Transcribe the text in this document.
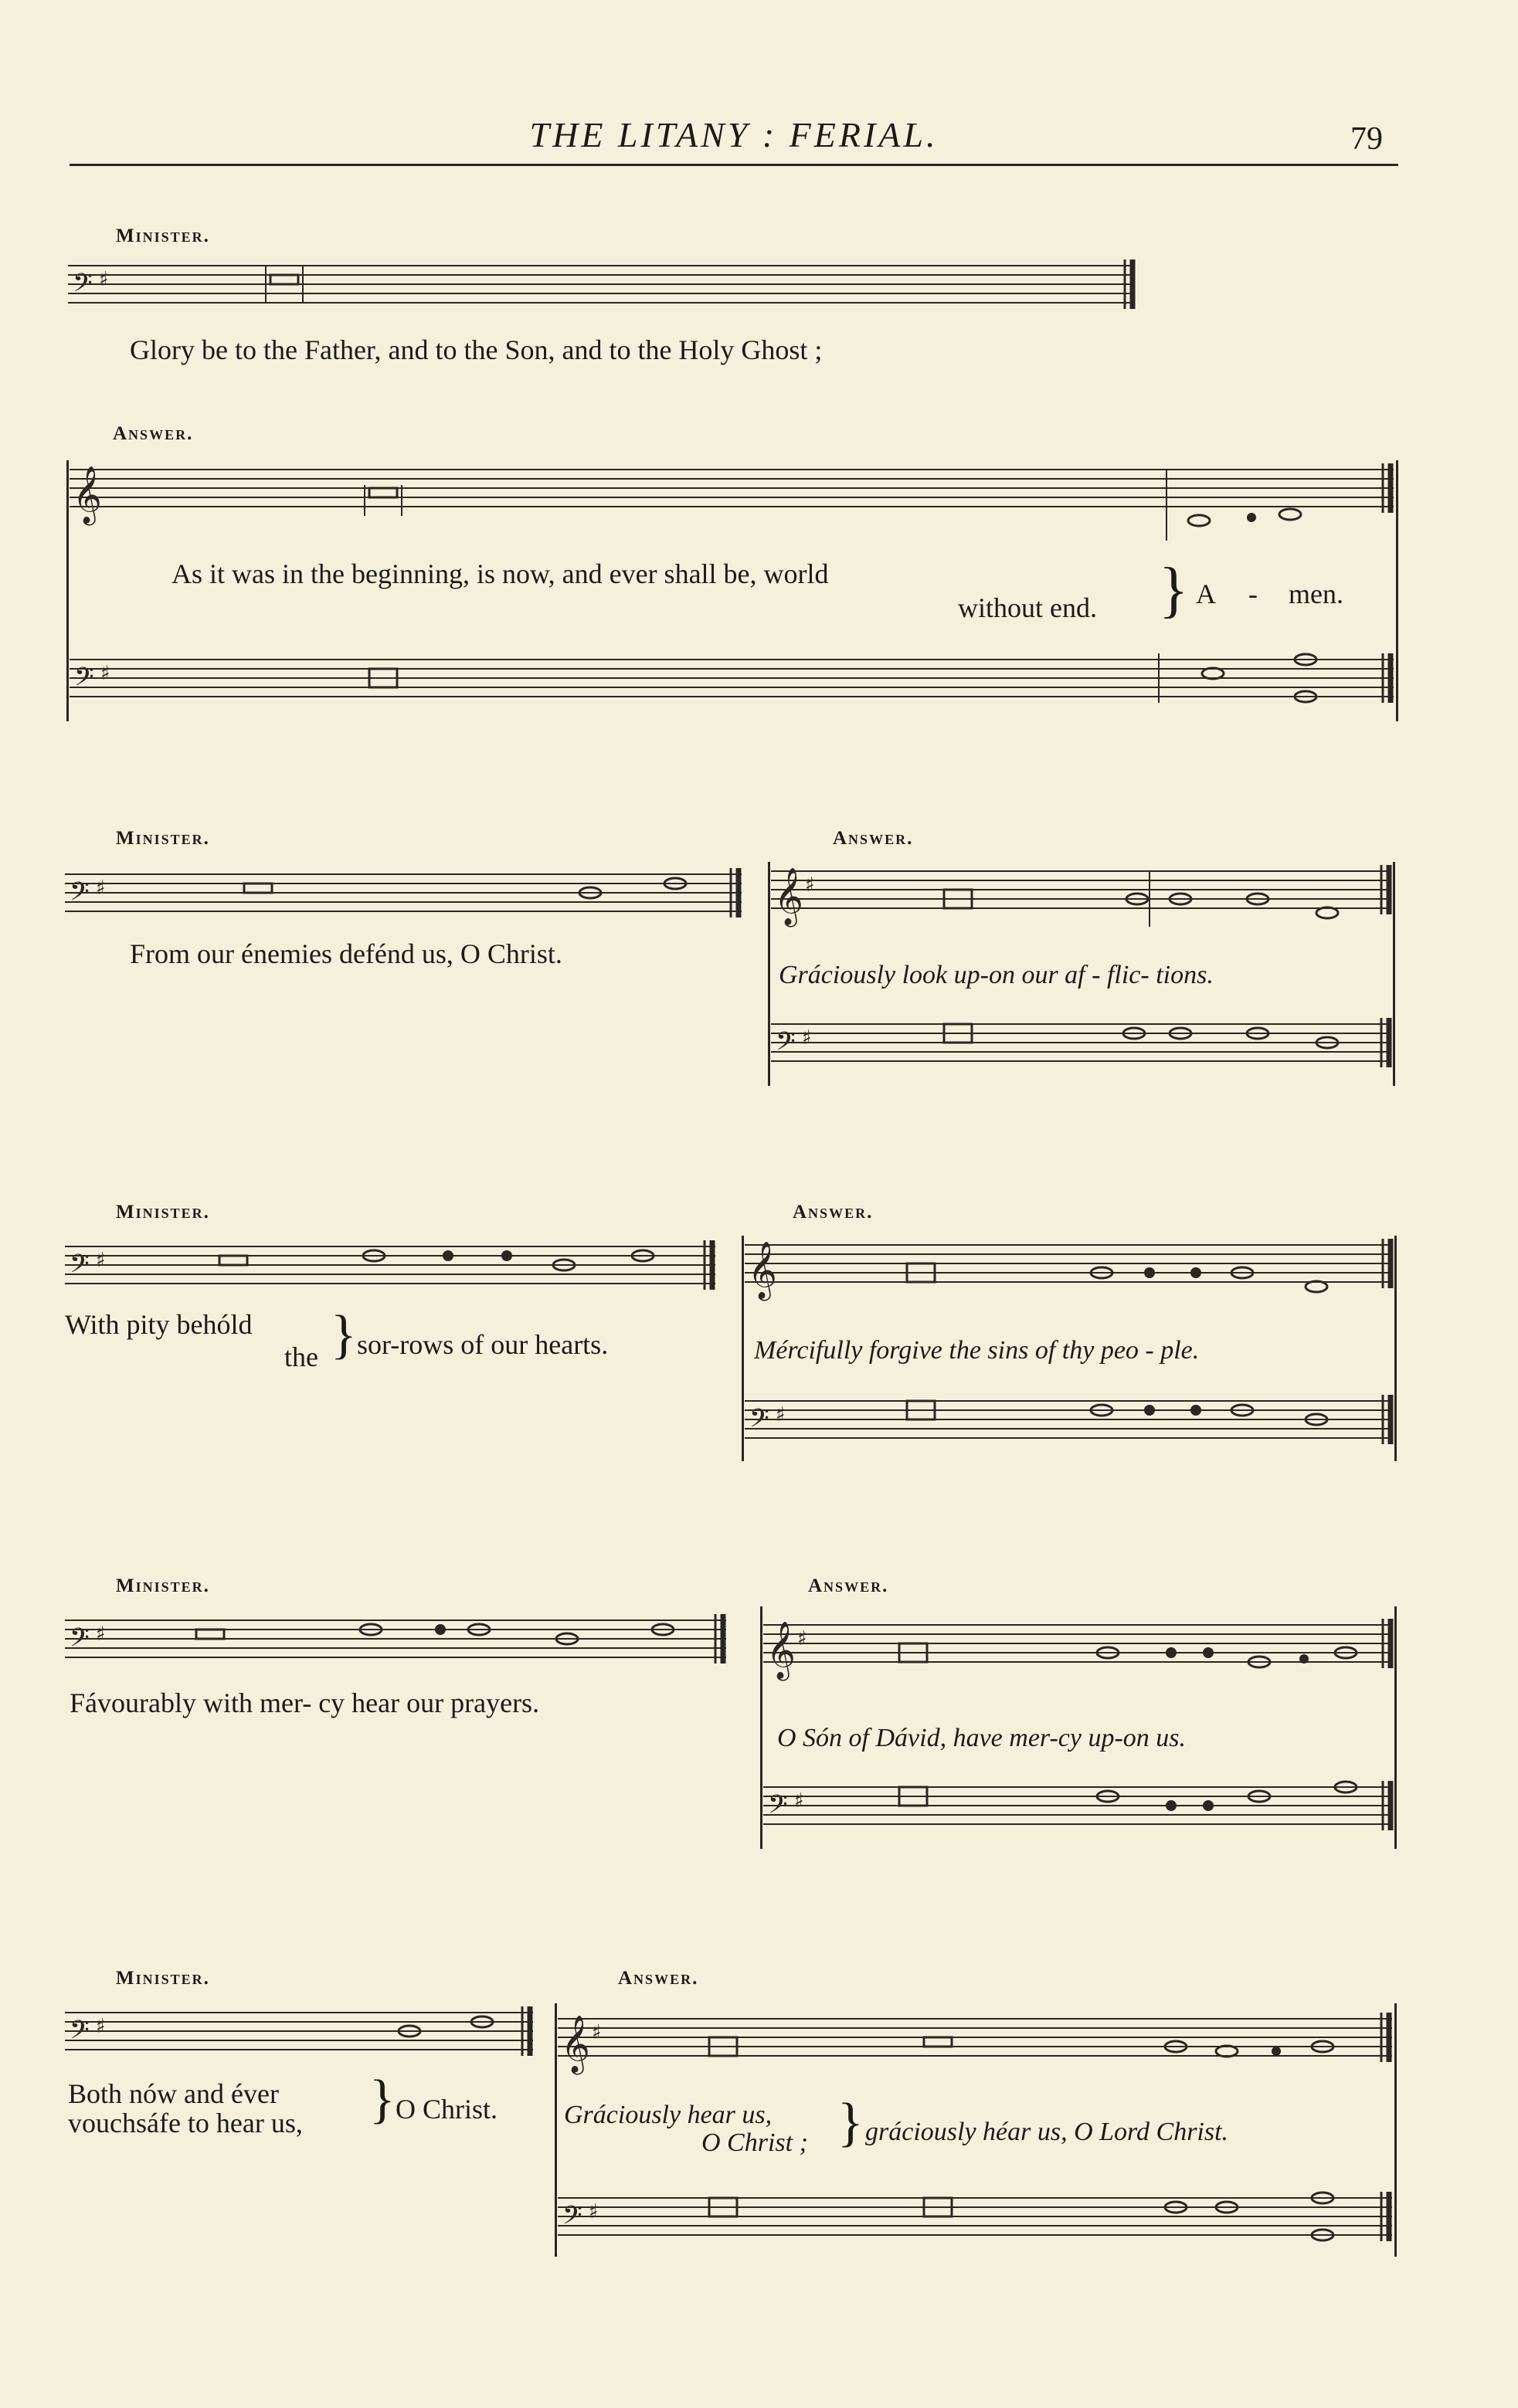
THE LITANY : FERIAL.	79
Minister.
𝄢 ♯
Glory be to the Father, and to the Son, and to the Holy Ghost ;
Answer.
𝄞
As it was in the beginning, is now, and ever shall be, world
without end. } A - men.
𝄢 ♯
Minister.
𝄢 ♯
From our énemies defénd us, O Christ.
Answer.
𝄞 ♯
Gráciously look up-on our af - flic- tions.
𝄢 ♯
Minister.
𝄢 ♯
With pity behóld
the } sor-rows of our hearts.
Answer.
𝄞
Mércifully forgive the sins of thy peo - ple.
𝄢 ♯
Minister.
𝄢 ♯
Fávourably with mer- cy hear our prayers.
Answer.
𝄞 ♯
O Són of Dávid, have mer-cy up-on us.
𝄢 ♯
Minister.
𝄢 ♯
Both nów and éver
vouchsáfe to hear us, } O Christ.
Answer.
𝄞 ♯
Gráciously hear us,
O Christ ; } gráciously héar us, O Lord Christ.
𝄢 ♯
